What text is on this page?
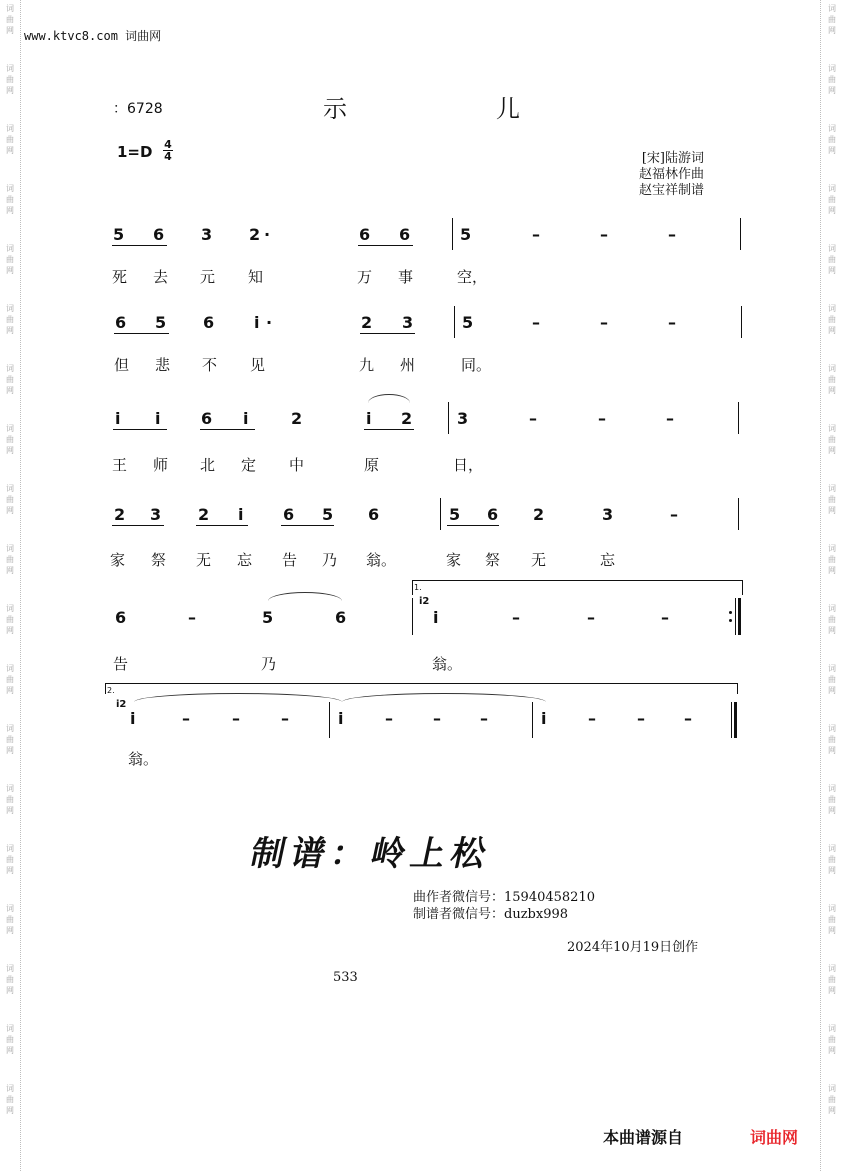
词
曲
网
词
曲
网
词
曲
网
词
曲
网
词
曲
网
词
曲
网
词
曲
网
词
曲
网
词
曲
网
词
曲
网
词
曲
网
词
曲
网
词
曲
网
词
曲
网
词
曲
网
词
曲
网
词
曲
网
词
曲
网
词
曲
网
词
曲
网
词
曲
网
词
曲
网
词
曲
网
词
曲
网
词
曲
网
词
曲
网
词
曲
网
词
曲
网
词
曲
网
词
曲
网
词
曲
网
词
曲
网
词
曲
网
词
曲
网
词
曲
网
词
曲
网
词
曲
网
词
曲
网
www.ktvc8.com 词曲网
：6728	示	儿
1=D 4
4	[宋]陆游词
赵福林作曲
赵宝祥制谱
5 6 3 2 ·	6 6	5	–	–	–
死 去 元 知	万 事	空，
6 5 6 i ·	2 3	5	–	–	–
但 悲 不 见	九 州	同。
i i	6 i	2	i 2	3	–	–	–
王 师 北 定 中	原	日，
2 3 2 i 6 5 6	5 6 2	3	–
家 祭 无 忘 告 乃 翁。	家 祭 无	忘
6	–	5	6
1.
i2
i	–	–	–
告	乃	翁。
2.
i2
i	–	–	–	i	–	– –	i	–	– –
翁。
制谱：岭上松
曲作者微信号：15940458210
制谱者微信号：duzbx998
2024年10月19日创作
533
本曲谱源自	词曲网
